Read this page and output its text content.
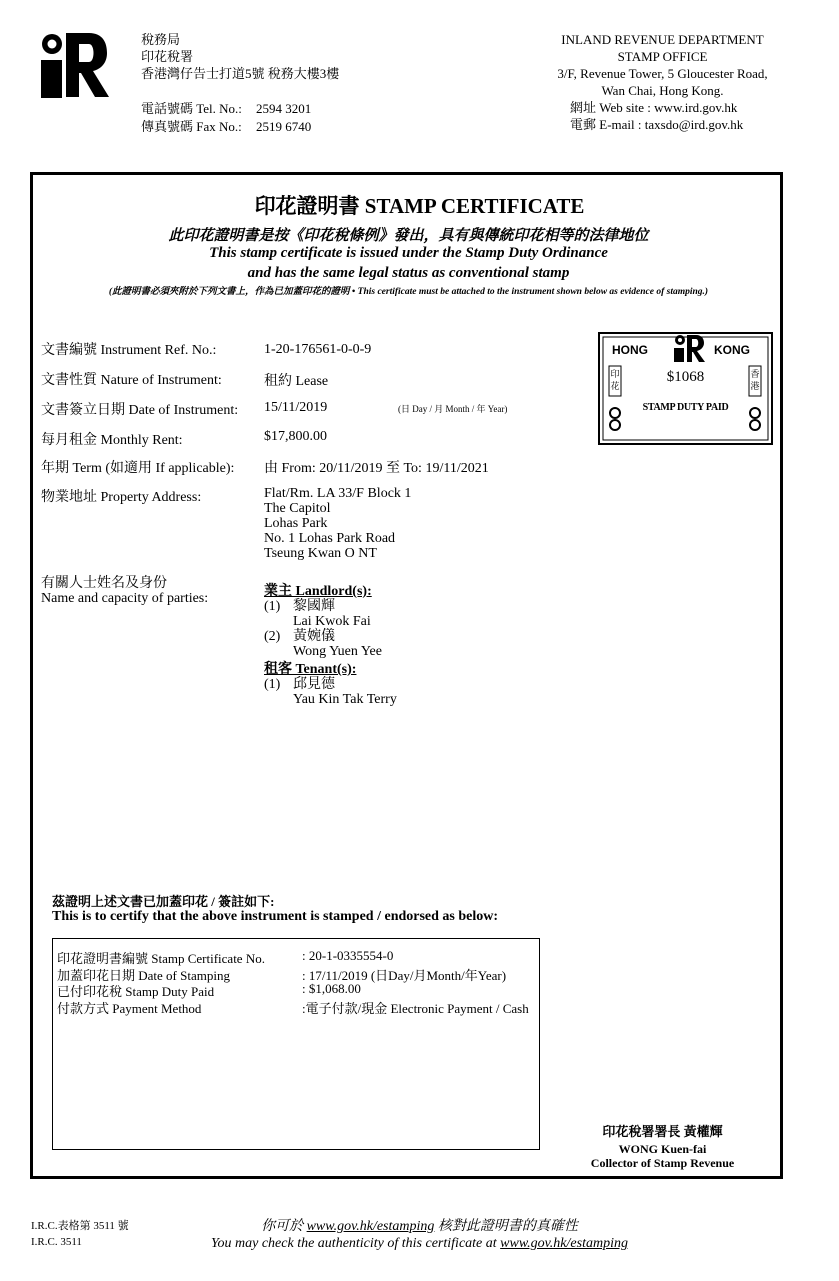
IR
稅務局
印花稅署
香港灣仔告士打道5號 稅務大樓3樓
電話號碼 Tel. No.: 2594 3201
傳真號碼 Fax No.: 2519 6740
INLAND REVENUE DEPARTMENT
STAMP OFFICE
3/F, Revenue Tower, 5 Gloucester Road,
Wan Chai, Hong Kong.
網址 Web site : www.ird.gov.hk
電郵 E-mail : taxsdo@ird.gov.hk
印花證明書 STAMP CERTIFICATE
此印花證明書是按《印花稅條例》發出，具有與傳統印花相等的法律地位
This stamp certificate is issued under the Stamp Duty Ordinance
and has the same legal status as conventional stamp
(此證明書必須夾附於下列文書上，作為已加蓋印花的證明 • This certificate must be attached to the instrument shown below as evidence of stamping.)
文書編號 Instrument Ref. No.:	1-20-176561-0-0-9
文書性質 Nature of Instrument:	租約 Lease
文書簽立日期 Date of Instrument: 15/11/2019	(日 Day / 月 Month / 年 Year)
每月租金 Monthly Rent:	$17,800.00
年期 Term (如適用 If applicable): 由 From: 20/11/2019 至 To: 19/11/2021
物業地址 Property Address:	Flat/Rm. LA 33/F Block 1
The Capitol
Lohas Park
No. 1 Lohas Park Road
Tseung Kwan O NT
有關人士姓名及身份
Name and capacity of parties:	業主 Landlord(s):
(1) 黎國輝
Lai Kwok Fai
(2) 黃婉儀
Wong Yuen Yee
租客 Tenant(s):
(1) 邱見德
Yau Kin Tak Terry
HONG	KONG
$1068
STAMP DUTY PAID
印花
香港
茲證明上述文書已加蓋印花 / 簽註如下:
This is to certify that the above instrument is stamped / endorsed as below:
印花證明書編號 Stamp Certificate No.	: 20-1-0335554-0
加蓋印花日期 Date of Stamping	: 17/11/2019 (日Day/月Month/年Year)
已付印花稅 Stamp Duty Paid	: $1,068.00
付款方式 Payment Method	:電子付款/現金 Electronic Payment / Cash
印花稅署署長 黃權輝
WONG Kuen-fai
Collector of Stamp Revenue
I.R.C.表格第 3511 號
I.R.C. 3511
你可於 www.gov.hk/estamping 核對此證明書的真確性
You may check the authenticity of this certificate at www.gov.hk/estamping
